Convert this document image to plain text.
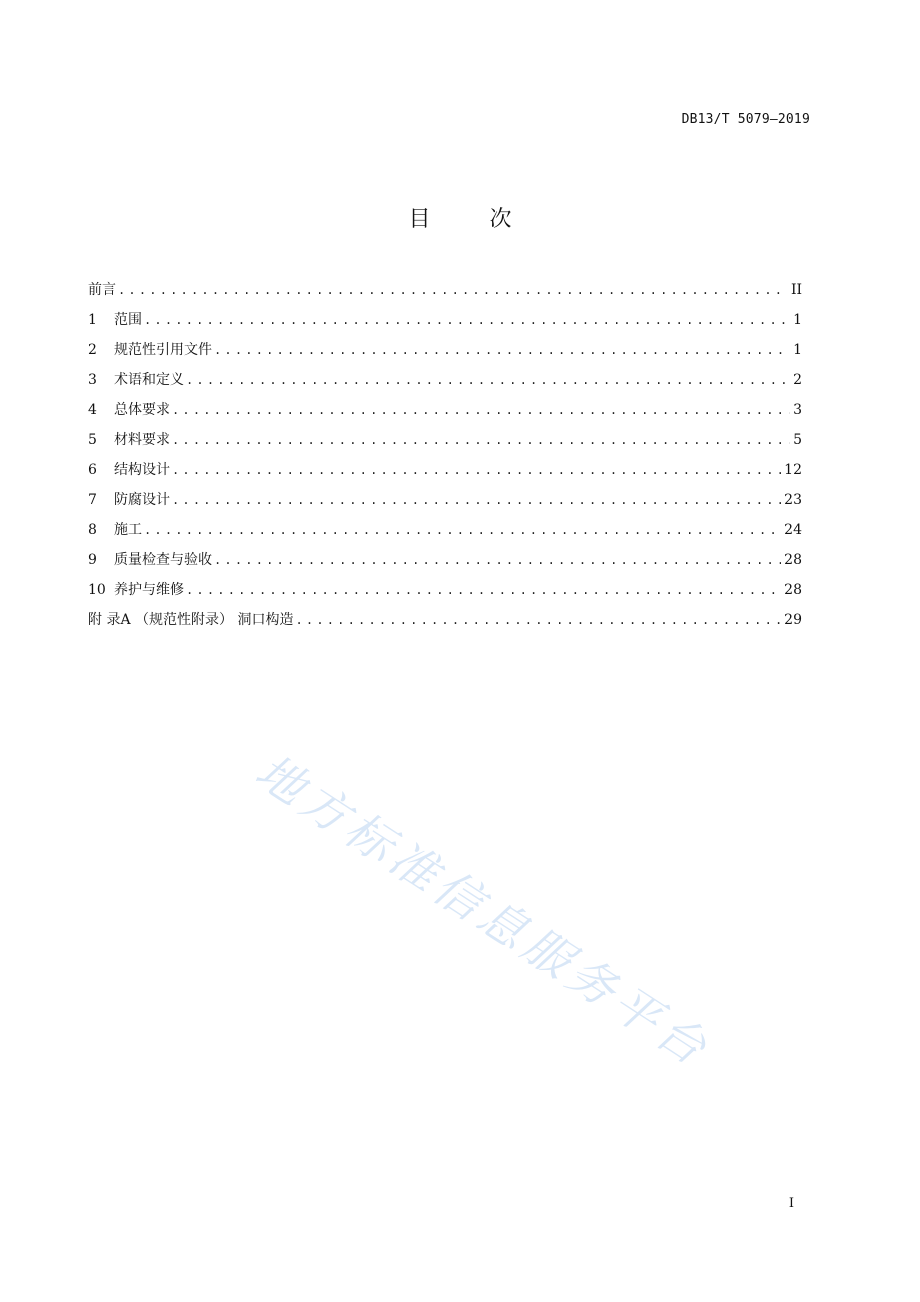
DB13/T 5079—2019
目 次
前言 .....	II
1	范围 .....	1
2	规范性引用文件 .....	1
3	术语和定义 .....	2
4	总体要求 .....	3
5	材料要求 .....	5
6	结构设计 .....	12
7	防腐设计 .....	23
8	施工 .....	24
9	质量检查与验收 .....	28
10 养护与维修 .....	28
附 录A （规范性附录） 洞口构造 .....	29
地方标准信息服务平台
I
